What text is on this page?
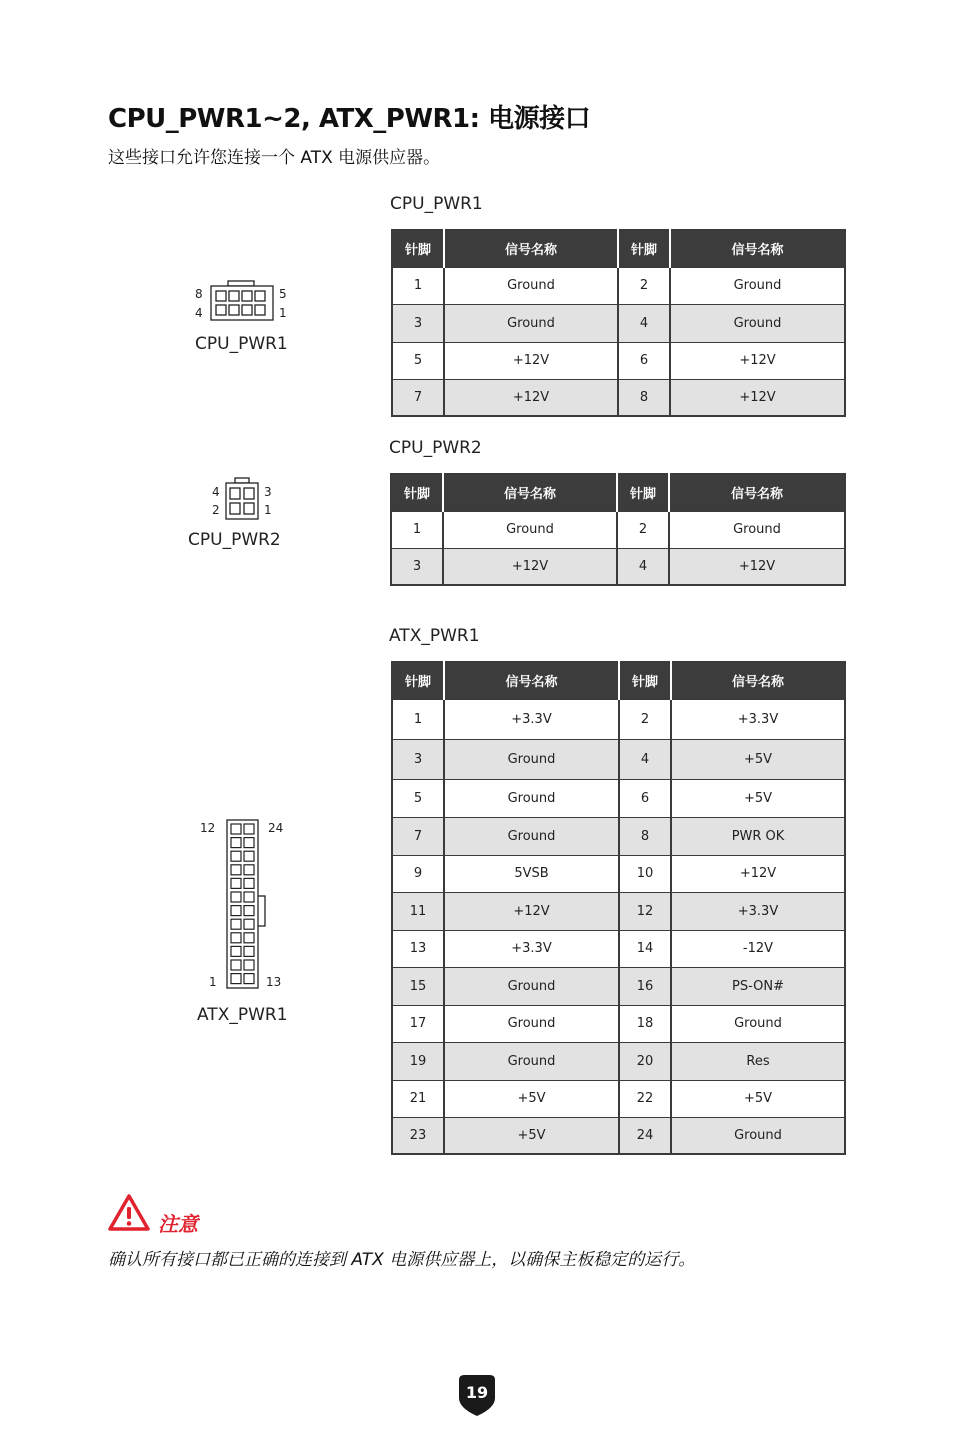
CPU_PWR1~2, ATX_PWR1: 电源接口
这些接口允许您连接一个 ATX 电源供应器。
CPU_PWR1
8
4
5
1
CPU_PWR1
针脚	信号名称	针脚	信号名称
1	Ground	2	Ground
3	Ground	4	Ground
5	+12V	6	+12V
7	+12V	8	+12V
CPU_PWR2
4
2
3
1
CPU_PWR2
针脚	信号名称	针脚	信号名称
1	Ground	2	Ground
3	+12V	4	+12V
ATX_PWR1
12	24
1	13
ATX_PWR1
针脚	信号名称	针脚	信号名称
1	+3.3V	2	+3.3V
3	Ground	4	+5V
5	Ground	6	+5V
7	Ground	8	PWR OK
9	5VSB	10	+12V
11	+12V	12	+3.3V
13	+3.3V	14	-12V
15	Ground	16	PS-ON#
17	Ground	18	Ground
19	Ground	20	Res
21	+5V	22	+5V
23	+5V	24	Ground
注意
确认所有接口都已正确的连接到 ATX 电源供应器上，以确保主板稳定的运行。
19
